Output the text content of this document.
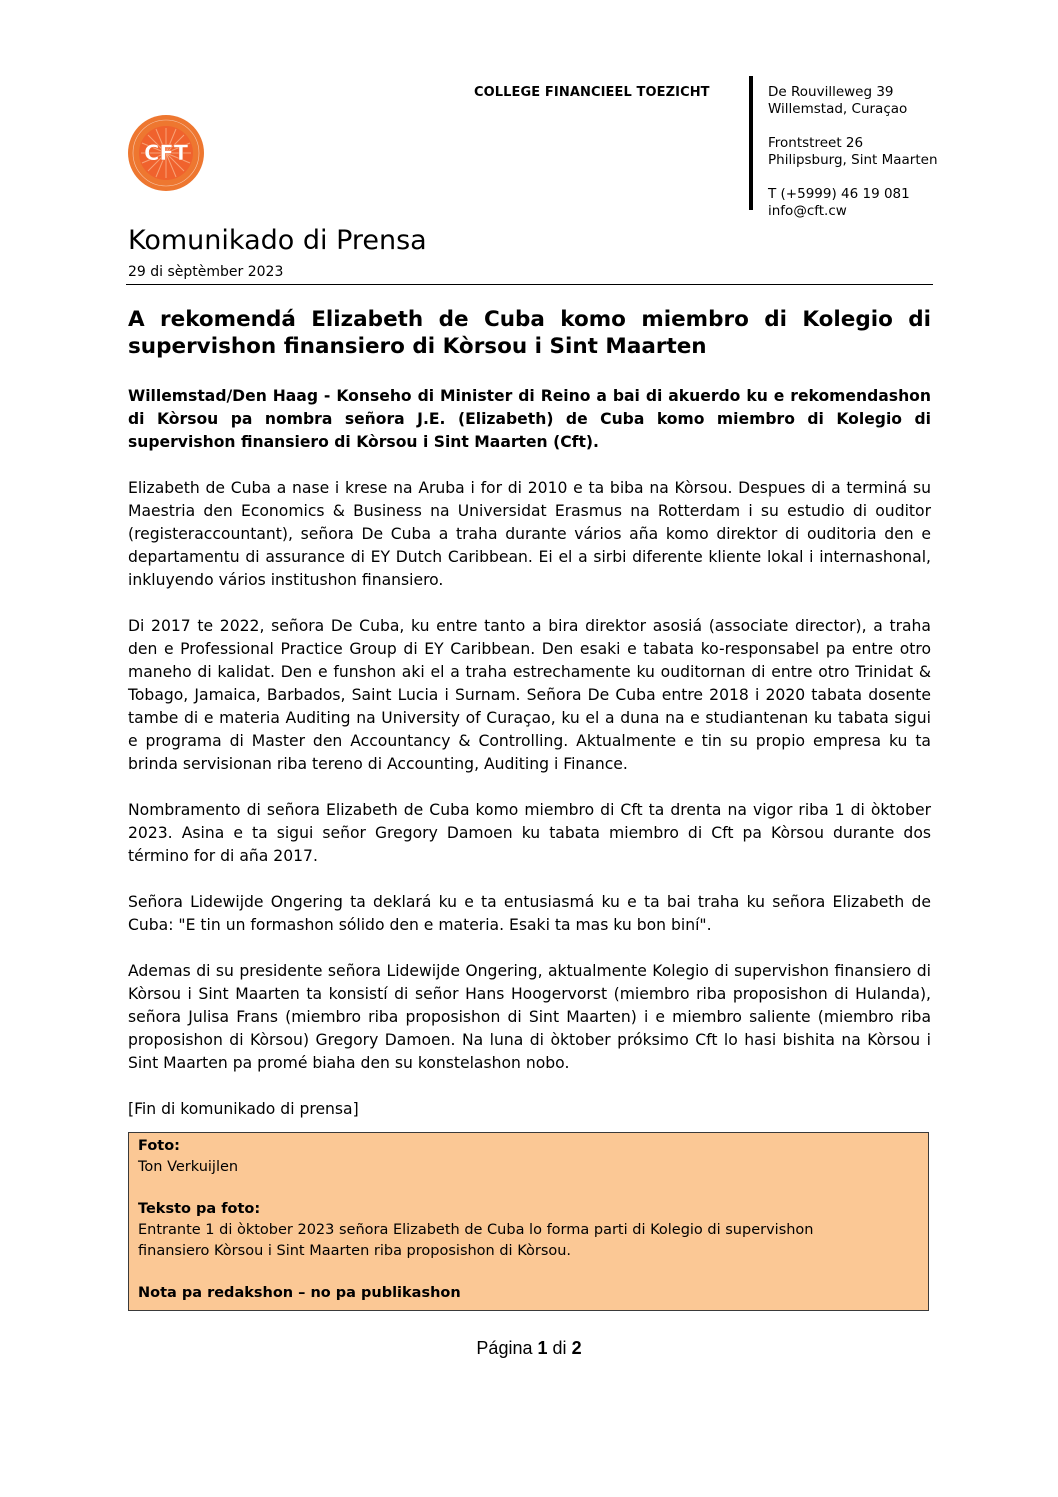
COLLEGE FINANCIEEL TOEZICHT	De Rouvilleweg 39
Willemstad, Curaçao
Frontstreet 26
Philipsburg, Sint Maarten
T (+5999) 46 19 081
info@cft.cw
CFT
Komunikado di Prensa
29 di sèptèmber 2023
A rekomendá Elizabeth de Cuba komo miembro di Kolegio di supervishon finansiero di Kòrsou i Sint Maarten

Willemstad/Den Haag - Konseho di Minister di Reino a bai di akuerdo ku e rekomendashon di Kòrsou pa nombra señora J.E. (Elizabeth) de Cuba komo miembro di Kolegio di supervishon finansiero di Kòrsou i Sint Maarten (Cft).

Elizabeth de Cuba a nase i krese na Aruba i for di 2010 e ta biba na Kòrsou. Despues di a terminá su Maestria den Economics & Business na Universidat Erasmus na Rotterdam i su estudio di ouditor (registeraccountant), señora De Cuba a traha durante vários aña komo direktor di ouditoria den e departamentu di assurance di EY Dutch Caribbean. Ei el a sirbi diferente kliente lokal i internashonal, inkluyendo vários institushon finansiero.

Di 2017 te 2022, señora De Cuba, ku entre tanto a bira direktor asosiá (associate director), a traha den e Professional Practice Group di EY Caribbean. Den esaki e tabata ko-responsabel pa entre otro maneho di kalidat. Den e funshon aki el a traha estrechamente ku ouditornan di entre otro Trinidat & Tobago, Jamaica, Barbados, Saint Lucia i Surnam. Señora De Cuba entre 2018 i 2020 tabata dosente tambe di e materia Auditing na University of Curaçao, ku el a duna na e studiantenan ku tabata sigui e programa di Master den Accountancy & Controlling. Aktualmente e tin su propio empresa ku ta brinda servisionan riba tereno di Accounting, Auditing i Finance.

Nombramento di señora Elizabeth de Cuba komo miembro di Cft ta drenta na vigor riba 1 di òktober 2023. Asina e ta sigui señor Gregory Damoen ku tabata miembro di Cft pa Kòrsou durante dos término for di aña 2017.

Señora Lidewijde Ongering ta deklará ku e ta entusiasmá ku e ta bai traha ku señora Elizabeth de Cuba: "E tin un formashon sólido den e materia. Esaki ta mas ku bon biní".

Ademas di su presidente señora Lidewijde Ongering, aktualmente Kolegio di supervishon finansiero di Kòrsou i Sint Maarten ta konsistí di señor Hans Hoogervorst (miembro riba proposishon di Hulanda), señora Julisa Frans (miembro riba proposishon di Sint Maarten) i e miembro saliente (miembro riba proposishon di Kòrsou) Gregory Damoen. Na luna di òktober próksimo Cft lo hasi bishita na Kòrsou i Sint Maarten pa promé biaha den su konstelashon nobo.

[Fin di komunikado di prensa]

Foto:
Ton Verkuijlen
Teksto pa foto:
Entrante 1 di òktober 2023 señora Elizabeth de Cuba lo forma parti di Kolegio di supervishon finansiero Kòrsou i Sint Maarten riba proposishon di Kòrsou.
Nota pa redakshon – no pa publikashon
Página 1 di 2
